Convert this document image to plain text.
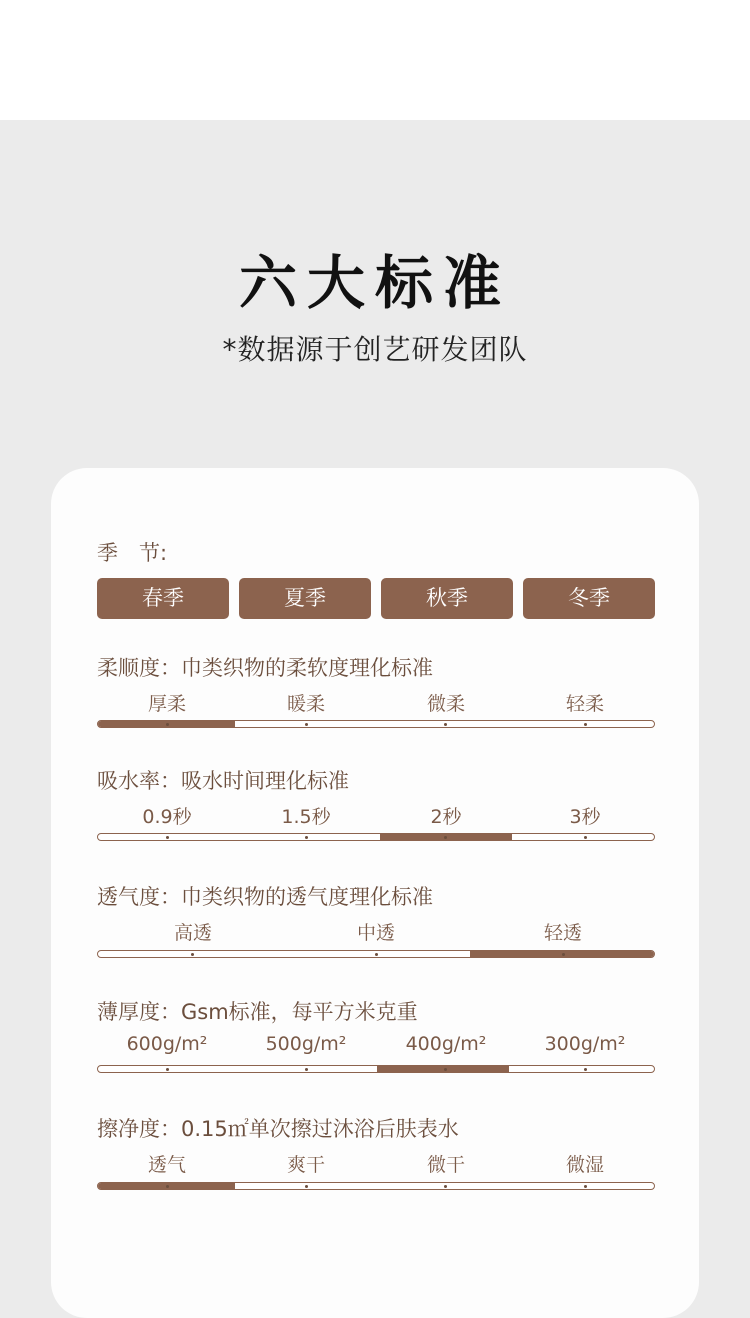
六大标准
*数据源于创艺研发团队
季　节:
春季	夏季	秋季	冬季
柔顺度：巾类织物的柔软度理化标准
厚柔	暖柔	微柔	轻柔
吸水率：吸水时间理化标准
0.9秒	1.5秒	2秒	3秒
透气度：巾类织物的透气度理化标准
高透	中透	轻透
薄厚度：Gsm标准，每平方米克重
600g/m²	500g/m²	400g/m²	300g/m²
擦净度：0.15㎡单次擦过沐浴后肤表水
透气	爽干	微干	微湿
